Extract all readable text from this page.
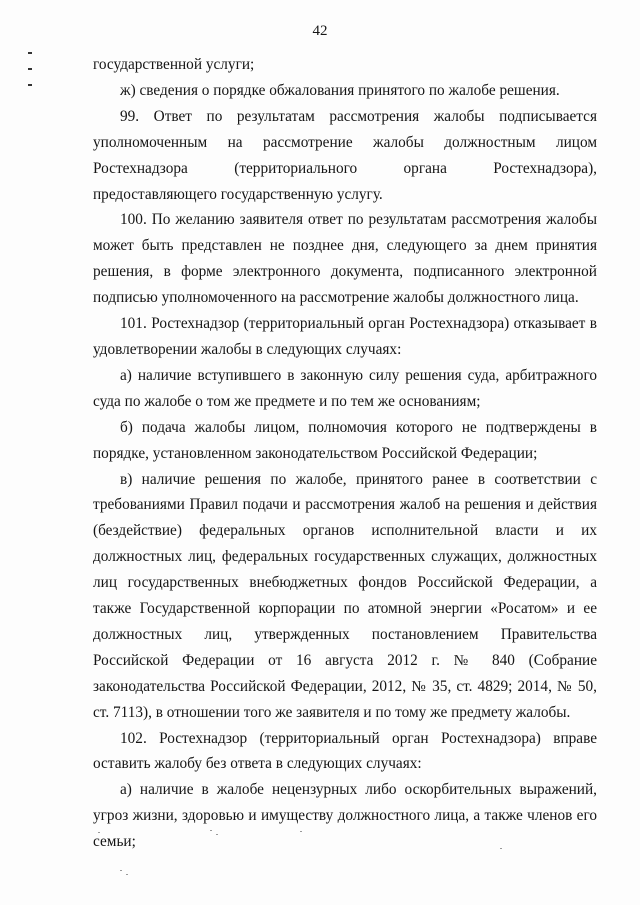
42

государственной услуги;

ж) сведения о порядке обжалования принятого по жалобе решения.

99. Ответ по результатам рассмотрения жалобы подписывается уполномоченным на рассмотрение жалобы должностным лицом Ростехнадзора (территориального органа Ростехнадзора), предоставляющего государственную услугу.

100. По желанию заявителя ответ по результатам рассмотрения жалобы может быть представлен не позднее дня, следующего за днем принятия решения, в форме электронного документа, подписанного электронной подписью уполномоченного на рассмотрение жалобы должностного лица.

101. Ростехнадзор (территориальный орган Ростехнадзора) отказывает в удовлетворении жалобы в следующих случаях:

а) наличие вступившего в законную силу решения суда, арбитражного суда по жалобе о том же предмете и по тем же основаниям;

б) подача жалобы лицом, полномочия которого не подтверждены в порядке, установленном законодательством Российской Федерации;

в) наличие решения по жалобе, принятого ранее в соответствии с требованиями Правил подачи и рассмотрения жалоб на решения и действия (бездействие) федеральных органов исполнительной власти и их должностных лиц, федеральных государственных служащих, должностных лиц государственных внебюджетных фондов Российской Федерации, а также Государственной корпорации по атомной энергии «Росатом» и ее должностных лиц, утвержденных постановлением Правительства Российской Федерации от 16 августа 2012 г. № 840 (Собрание законодательства Российской Федерации, 2012, № 35, ст. 4829; 2014, № 50, ст. 7113), в отношении того же заявителя и по тому же предмету жалобы.

102. Ростехнадзор (территориальный орган Ростехнадзора) вправе оставить жалобу без ответа в следующих случаях:

а) наличие в жалобе нецензурных либо оскорбительных выражений, угроз жизни, здоровью и имуществу должностного лица, а также членов его семьи;
